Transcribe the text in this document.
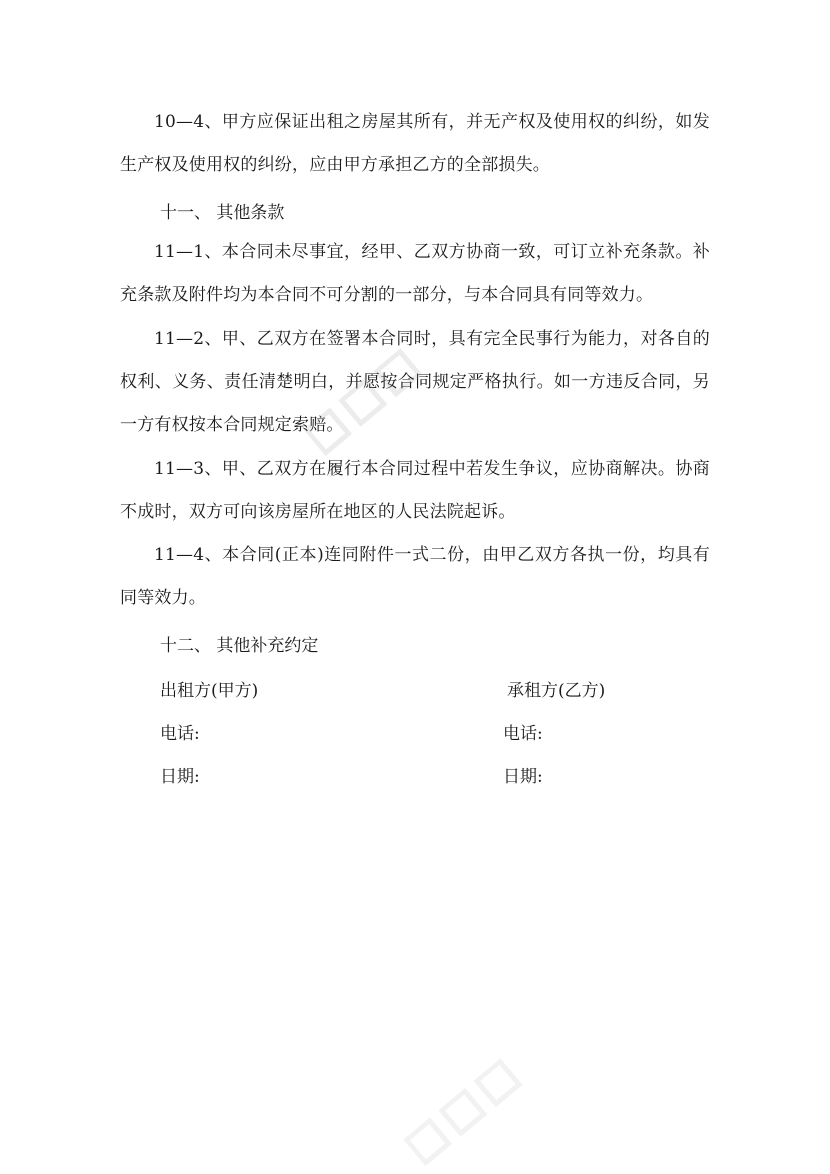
10—4、甲方应保证出租之房屋其所有，并无产权及使用权的纠纷，如发生产权及使用权的纠纷，应由甲方承担乙方的全部损失。

十一、 其他条款

11—1、本合同未尽事宜，经甲、乙双方协商一致，可订立补充条款。补充条款及附件均为本合同不可分割的一部分，与本合同具有同等效力。

11—2、甲、乙双方在签署本合同时，具有完全民事行为能力，对各自的权利、义务、责任清楚明白，并愿按合同规定严格执行。如一方违反合同，另一方有权按本合同规定索赔。

11—3、甲、乙双方在履行本合同过程中若发生争议，应协商解决。协商不成时，双方可向该房屋所在地区的人民法院起诉。

11—4、本合同(正本)连同附件一式二份，由甲乙双方各执一份，均具有同等效力。

十二、 其他补充约定

出租方(甲方)	承租方(乙方)

电话:	电话:

日期:	日期:
